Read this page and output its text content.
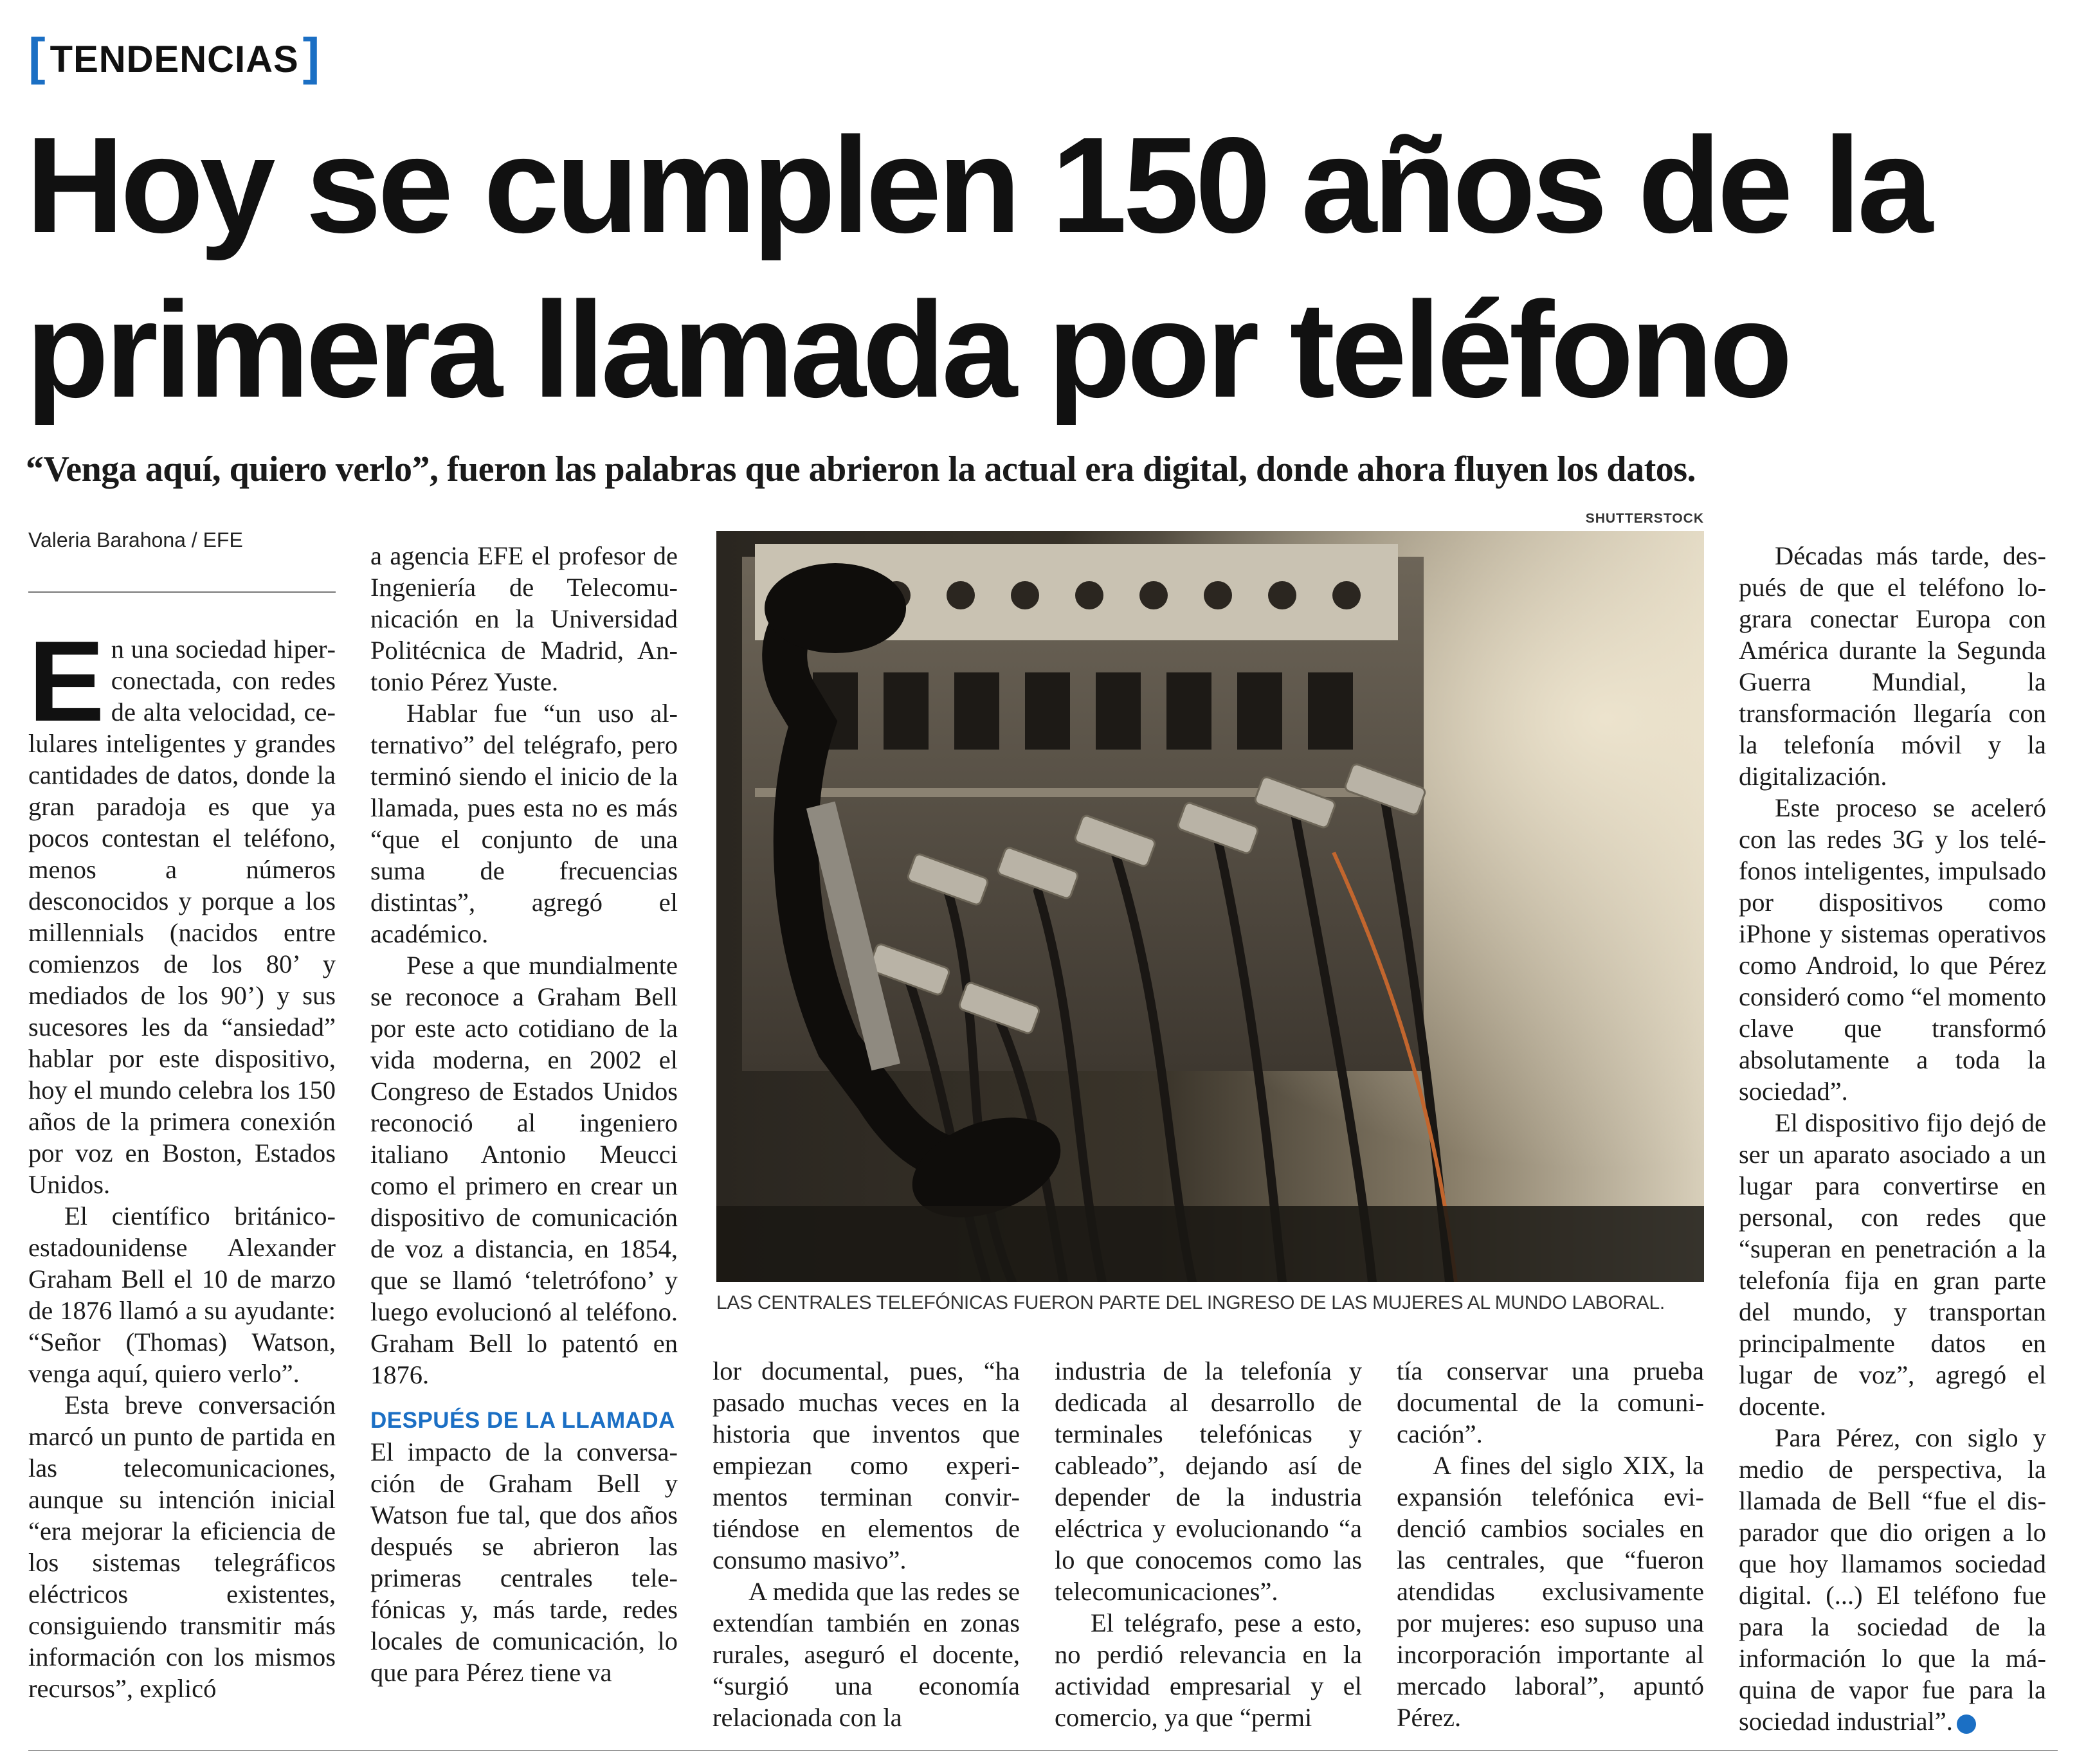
[ TENDENCIAS ]
Hoy se cumplen 150 años de la
primera llamada por teléfono
“Venga aquí, quiero verlo”, fueron las palabras que abrieron la actual era digital, donde ahora fluyen los datos.
Valeria Barahona / EFE

En una sociedad hiperconectada, con redes de alta velocidad, celulares inteligentes y grandes cantidades de datos, donde la gran paradoja es que ya pocos contestan el teléfono, menos a números desconocidos y porque a los millennials (nacidos entre comienzos de los 80’ y mediados de los 90’) y sus sucesores les da “ansiedad” hablar por este dispositivo, hoy el mundo celebra los 150 años de la primera conexión por voz en Boston, Estados Unidos.

El científico británico-estadounidense Alexander Graham Bell el 10 de marzo de 1876 llamó a su ayudante: “Señor (Thomas) Watson, venga aquí, quiero verlo”.

Esta breve conversación marcó un punto de partida en las telecomunicaciones, aunque su intención inicial “era mejorar la eficiencia de los sistemas telegráficos eléctricos existentes, consiguiendo transmitir más información con los mismos recursos”, explicó

a agencia EFE el profesor de Ingeniería de Telecomunicación en la Universidad Politécnica de Madrid, Antonio Pérez Yuste.

Hablar fue “un uso alternativo” del telégrafo, pero terminó siendo el inicio de la llamada, pues esta no es más “que el conjunto de una suma de frecuencias distintas”, agregó el académico.

Pese a que mundialmente se reconoce a Graham Bell por este acto cotidiano de la vida moderna, en 2002 el Congreso de Estados Unidos reconoció al ingeniero italiano Antonio Meucci como el primero en crear un dispositivo de comunicación de voz a distancia, en 1854, que se llamó ‘teletrófono’ y luego evolucionó al teléfono. Graham Bell lo patentó en 1876.

DESPUÉS DE LA LLAMADA

El impacto de la conversación de Graham Bell y Watson fue tal, que dos años después se abrieron las primeras centrales telefónicas y, más tarde, redes locales de comunicación, lo que para Pérez tiene va

SHUTTERSTOCK
LAS CENTRALES TELEFÓNICAS FUERON PARTE DEL INGRESO DE LAS MUJERES AL MUNDO LABORAL.

lor documental, pues, “ha pasado muchas veces en la historia que inventos que empiezan como experimentos terminan convirtiéndose en elementos de consumo masivo”.

A medida que las redes se extendían también en zonas rurales, aseguró el docente, “surgió una economía relacionada con la

industria de la telefonía y dedicada al desarrollo de terminales telefónicas y cableado”, dejando así de depender de la industria eléctrica y evolucionando “a lo que conocemos como las telecomunicaciones”.

El telégrafo, pese a esto, no perdió relevancia en la actividad empresarial y el comercio, ya que “permi

tía conservar una prueba documental de la comunicación”.

A fines del siglo XIX, la expansión telefónica evidenció cambios sociales en las centrales, que “fueron atendidas exclusivamente por mujeres: eso supuso una incorporación importante al mercado laboral”, apuntó Pérez.

Décadas más tarde, después de que el teléfono lograra conectar Europa con América durante la Segunda Guerra Mundial, la transformación llegaría con la telefonía móvil y la digitalización.

Este proceso se aceleró con las redes 3G y los teléfonos inteligentes, impulsado por dispositivos como iPhone y sistemas operativos como Android, lo que Pérez consideró como “el momento clave que transformó absolutamente a toda la sociedad”.

El dispositivo fijo dejó de ser un aparato asociado a un lugar para convertirse en personal, con redes que “superan en penetración a la telefonía fija en gran parte del mundo, y transportan principalmente datos en lugar de voz”, agregó el docente.

Para Pérez, con siglo y medio de perspectiva, la llamada de Bell “fue el disparador que dio origen a lo que hoy llamamos sociedad digital. (...) El teléfono fue para la sociedad de la información lo que la máquina de vapor fue para la sociedad industrial”.	✪
